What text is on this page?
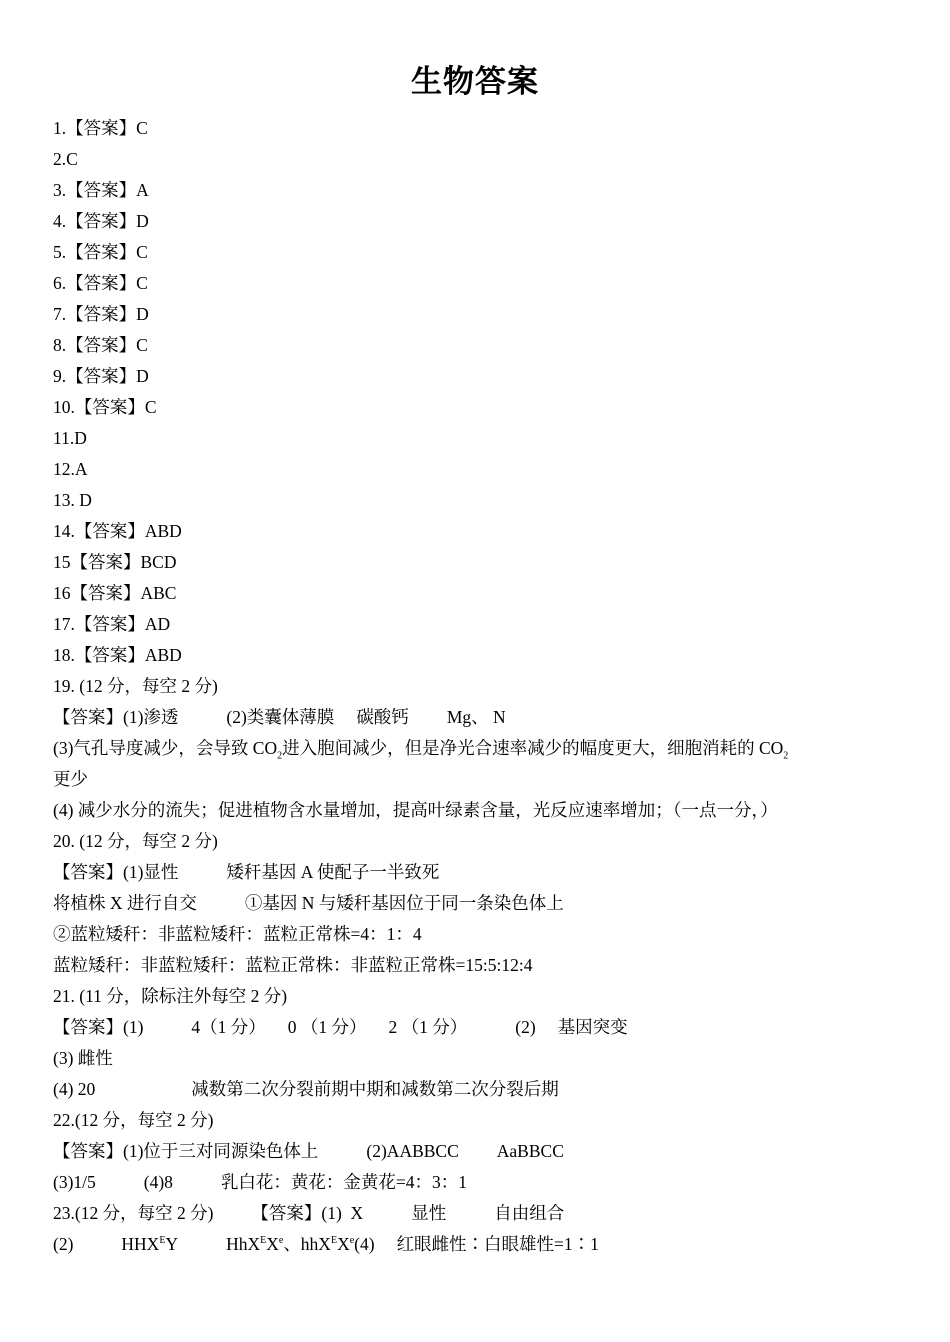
生物答案
1.【答案】C
2.C
3.【答案】A
4.【答案】D
5.【答案】C
6.【答案】C
7.【答案】D
8.【答案】C
9.【答案】D
10.【答案】C
11.D
12.A
13. D
14.【答案】ABD
15【答案】BCD
16【答案】ABC
17.【答案】AD
18.【答案】ABD
19. (12 分，每空 2 分)
【答案】(1)渗透	(2)类囊体薄膜 碳酸钙 Mg、 N
(3)气孔导度减少，会导致 $CO_2$进入胞间减少，但是净光合速率减少的幅度更大，细胞消耗的 $CO_2$
更少
(4) 减少水分的流失；促进植物含水量增加，提高叶绿素含量，光反应速率增加；（一点一分，）
20. (12 分，每空 2 分)
【答案】(1)显性	矮秆基因 A 使配子一半致死
将植株 X 进行自交	①基因 N 与矮秆基因位于同一条染色体上
②蓝粒矮秆：非蓝粒矮秆：蓝粒正常株=4：1：4
蓝粒矮秆：非蓝粒矮秆：蓝粒正常株：非蓝粒正常株=15:5:12:4
21. (11 分，除标注外每空 2 分)
【答案】(1)	4（1 分） 0 （1 分） 2 （1 分）	(2) 基因突变
(3) 雌性
(4) 20	减数第二次分裂前期中期和减数第二次分裂后期
22.(12 分，每空 2 分)
【答案】(1)位于三对同源染色体上	(2)AABBCC AaBBCC
(3)1/5	(4)8	乳白花：黄花：金黄花=4：3：1
23.(12 分，每空 2 分) 【答案】(1)  X	显性	自由组合
(2)	$HHX^EY$	HhX$^E$Xe、hhX$^E$Xe(4) 红眼雌性∶白眼雄性=1∶1
